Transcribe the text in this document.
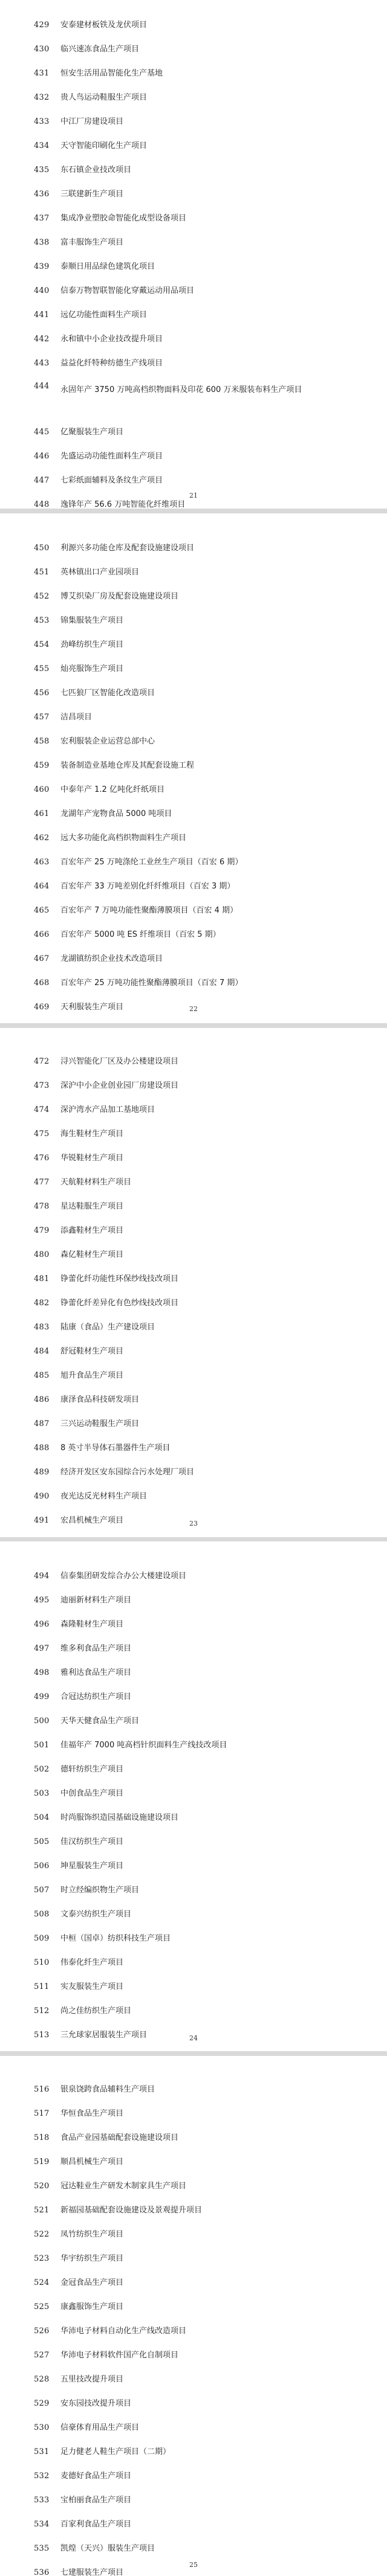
429	安泰建材板铁及龙伏项目
430	临兴速冻食品生产项目
431	恒安生活用品智能化生产基地
432	贵人鸟运动鞋服生产项目
433	中江厂房建设项目
434	天守智能印刷化生产项目
435	东石镇企业技改项目
436	三联建新生产项目
437	集成净业塑胶命智能化成型设备项目
438	富丰服饰生产项目
439	泰顺日用品绿色建筑化项目
440	信泰万物智联智能化穿戴运动用品项目
441	远亿功能性面料生产项目
442	永和镇中小企业技改提升项目
443	益益化纤特种纺德生产线项目
444	永固年产 3750 万吨高档织物面料及印花 600 万米服装布料生产项目
445	亿聚服装生产项目
446	先盛运动功能性面料生产项目
447	七彩纸面辅料及条纹生产项目
448	逸锋年产 56.6 万吨智能化纤维项目
21
450	利源兴多功能仓库及配套设施建设项目
451	英林镇出口产业园项目
452	博艾织染厂房及配套设施建设项目
453	锦集服装生产项目
454	劲峰纺织生产项目
455	灿亮服饰生产项目
456	七匹狼厂区智能化改造项目
457	洁昌项目
458	宏利服装企业运营总部中心
459	装备制造业基地仓库及其配套设施工程
460	中泰年产 1.2 亿吨化纤纸项目
461	龙湖年产宠物食品 5000 吨项目
462	远大多功能化高档织物面料生产项目
463	百宏年产 25 万吨涤纶工业丝生产项目（百宏 6 期）
464	百宏年产 33 万吨差别化纤纤维项目（百宏 3 期）
465	百宏年产 7 万吨功能性聚酯薄膜项目（百宏 4 期）
466	百宏年产 5000 吨 ES 纤维项目（百宏 5 期）
467	龙湖镇纺织企业技术改造项目
468	百宏年产 25 万吨功能性聚酯薄膜项目（百宏 7 期）
469	天利服装生产项目	22
472	浔兴智能化厂区及办公楼建设项目
473	深沪中小企业创业园厂房建设项目
474	深沪湾水产品加工基地项目
475	海生鞋材生产项目
476	华锐鞋材生产项目
477	天航鞋材料生产项目
478	星达鞋服生产项目
479	添鑫鞋材生产项目
480	森亿鞋材生产项目
481	铮蕾化纤功能性环保纱线技改项目
482	铮蕾化纤差异化有色纱线技改项目
483	陆康（食品）生产建设项目
484	舒冠鞋材生产项目
485	旭升食品生产项目
486	康泽食品科技研发项目
487	三兴运动鞋服生产项目
488	8 英寸半导体石墨器件生产项目
489	经济开发区安东园综合污水处理厂项目
490	夜光达反光材料生产项目
491	宏昌机械生产项目	23
494	信泰集团研发综合办公大楼建设项目
495	迪丽新材料生产项目
496	森隆鞋材生产项目
497	维多利食品生产项目
498	雅利达食品生产项目
499	合冠达纺织生产项目
500	天华天健食品生产项目
501	佳福年产 7000 吨高档针织面料生产线技改项目
502	德轩纺织生产项目
503	中创食品生产项目
504	时尚服饰织造园基础设施建设项目
505	佳汉纺织生产项目
506	坤星服装生产项目
507	时立经编织物生产项目
508	文泰兴纺织生产项目
509	中桓（国卓）纺织科技生产项目
510	伟泰化纤生产项目
511	实友服装生产项目
512	尚之佳纺织生产项目
513	三允球家居服装生产项目	24
516	银泉饶跨食品辅料生产项目
517	华恒食品生产项目
518	食品产业园基础配套设施建设项目
519	顺昌机械生产项目
520	冠达鞋业生产研发木制家具生产项目
521	新福园基础配套设施建设及景观提升项目
522	凤竹纺织生产项目
523	华宇纺织生产项目
524	金冠食品生产项目
525	康鑫服饰生产项目
526	华沛电子材料自动化生产线改造项目
527	华沛电子材料软件国产化自制项目
528	五里技改提升项目
529	安东园技改提升项目
530	信豪体育用品生产项目
531	足力健老人鞋生产项目（二期）
532	麦德好食品生产项目
533	宝柏丽食品生产项目
534	百家利食品生产项目
535	凯煌（天兴）服装生产项目
536	七建服装生产项目
25
